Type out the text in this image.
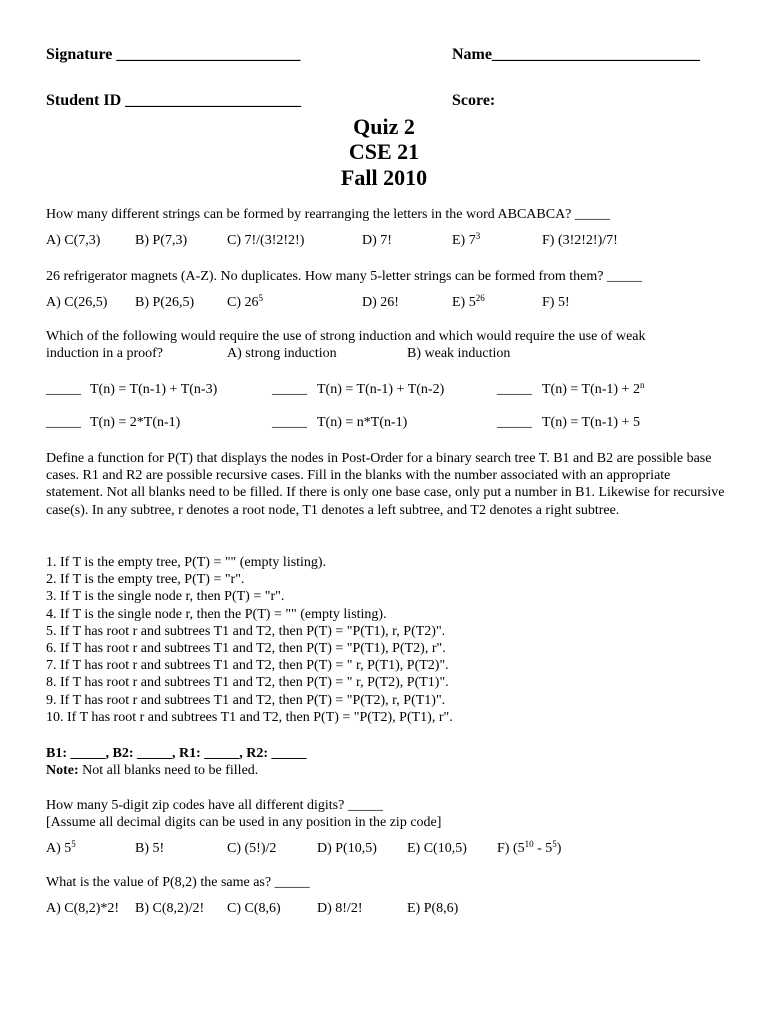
Signature _______________________	Name__________________________
Student ID ______________________	Score:
Quiz 2
CSE 21
Fall 2010
How many different strings can be formed by rearranging the letters in the word ABCABCA? _____
A) C(7,3) B) P(7,3)	C) 7!/(3!2!2!)	D) 7!	E) $7^3$	F) (3!2!2!)/7!
26 refrigerator magnets (A-Z). No duplicates. How many 5-letter strings can be formed from them? _____
A) C(26,5) B) P(26,5) C) $26^5$	D) 26!	E) $5^{26}$	F) 5!
Which of the following would require the use of strong induction and which would require the use of weak
induction in a proof?	A) strong induction	B) weak induction
_____ T(n) = T(n-1) + T(n-3)	_____ T(n) = T(n-1) + T(n-2)	_____ $T(n) = T(n-1) + 2^n$
_____ T(n) = 2*T(n-1)	_____ T(n) = n*T(n-1)	_____ T(n) = T(n-1) + 5
Define a function for P(T) that displays the nodes in Post-Order for a binary search tree T. B1 and B2 are possible base cases. R1 and R2 are possible recursive cases. Fill in the blanks with the number associated with an appropriate statement. Not all blanks need to be filled. If there is only one base case, only put a number in B1. Likewise for recursive case(s). In any subtree, r denotes a root node, T1 denotes a left subtree, and T2 denotes a right subtree.
1. If T is the empty tree, P(T) = "" (empty listing).
2. If T is the empty tree, P(T) = "r".
3. If T is the single node r, then P(T) = "r".
4. If T is the single node r, then the P(T) = "" (empty listing).
5. If T has root r and subtrees T1 and T2, then P(T) = "P(T1), r, P(T2)".
6. If T has root r and subtrees T1 and T2, then P(T) = "P(T1), P(T2), r".
7. If T has root r and subtrees T1 and T2, then P(T) = " r, P(T1), P(T2)".
8. If T has root r and subtrees T1 and T2, then P(T) = " r, P(T2), P(T1)".
9. If T has root r and subtrees T1 and T2, then P(T) = "P(T2), r, P(T1)".
10. If T has root r and subtrees T1 and T2, then P(T) = "P(T2), P(T1), r".
B1: _____, B2: _____, R1: _____, R2: _____
Note: Not all blanks need to be filled.
How many 5-digit zip codes have all different digits? _____
[Assume all decimal digits can be used in any position in the zip code]
A) $5^5$	B) 5!	C) (5!)/2	D) P(10,5) E) C(10,5) F) $(5^{10} - 5^5)$
What is the value of P(8,2) the same as? _____
A) C(8,2)*2! B) C(8,2)/2! C) C(8,6)	D) 8!/2!	E) P(8,6)
